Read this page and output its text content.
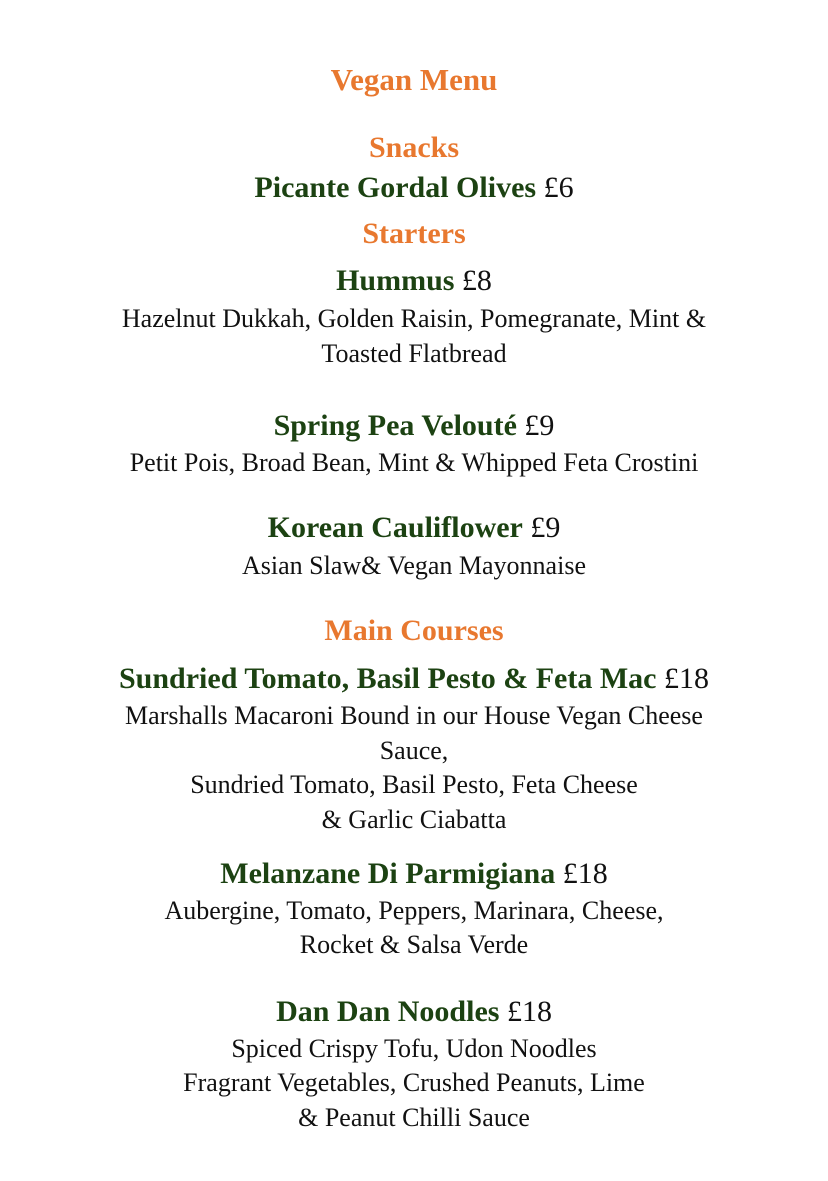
Vegan Menu
Snacks
Picante Gordal Olives £6
Starters
Hummus £8
Hazelnut Dukkah, Golden Raisin, Pomegranate, Mint &
Toasted Flatbread
Spring Pea Velouté £9
Petit Pois, Broad Bean, Mint & Whipped Feta Crostini
Korean Cauliflower £9
Asian Slaw& Vegan Mayonnaise
Main Courses
Sundried Tomato, Basil Pesto & Feta Mac £18
Marshalls Macaroni Bound in our House Vegan Cheese
Sauce,
Sundried Tomato, Basil Pesto, Feta Cheese
& Garlic Ciabatta
Melanzane Di Parmigiana £18
Aubergine, Tomato, Peppers, Marinara, Cheese,
Rocket & Salsa Verde
Dan Dan Noodles £18
Spiced Crispy Tofu, Udon Noodles
Fragrant Vegetables, Crushed Peanuts, Lime
& Peanut Chilli Sauce
